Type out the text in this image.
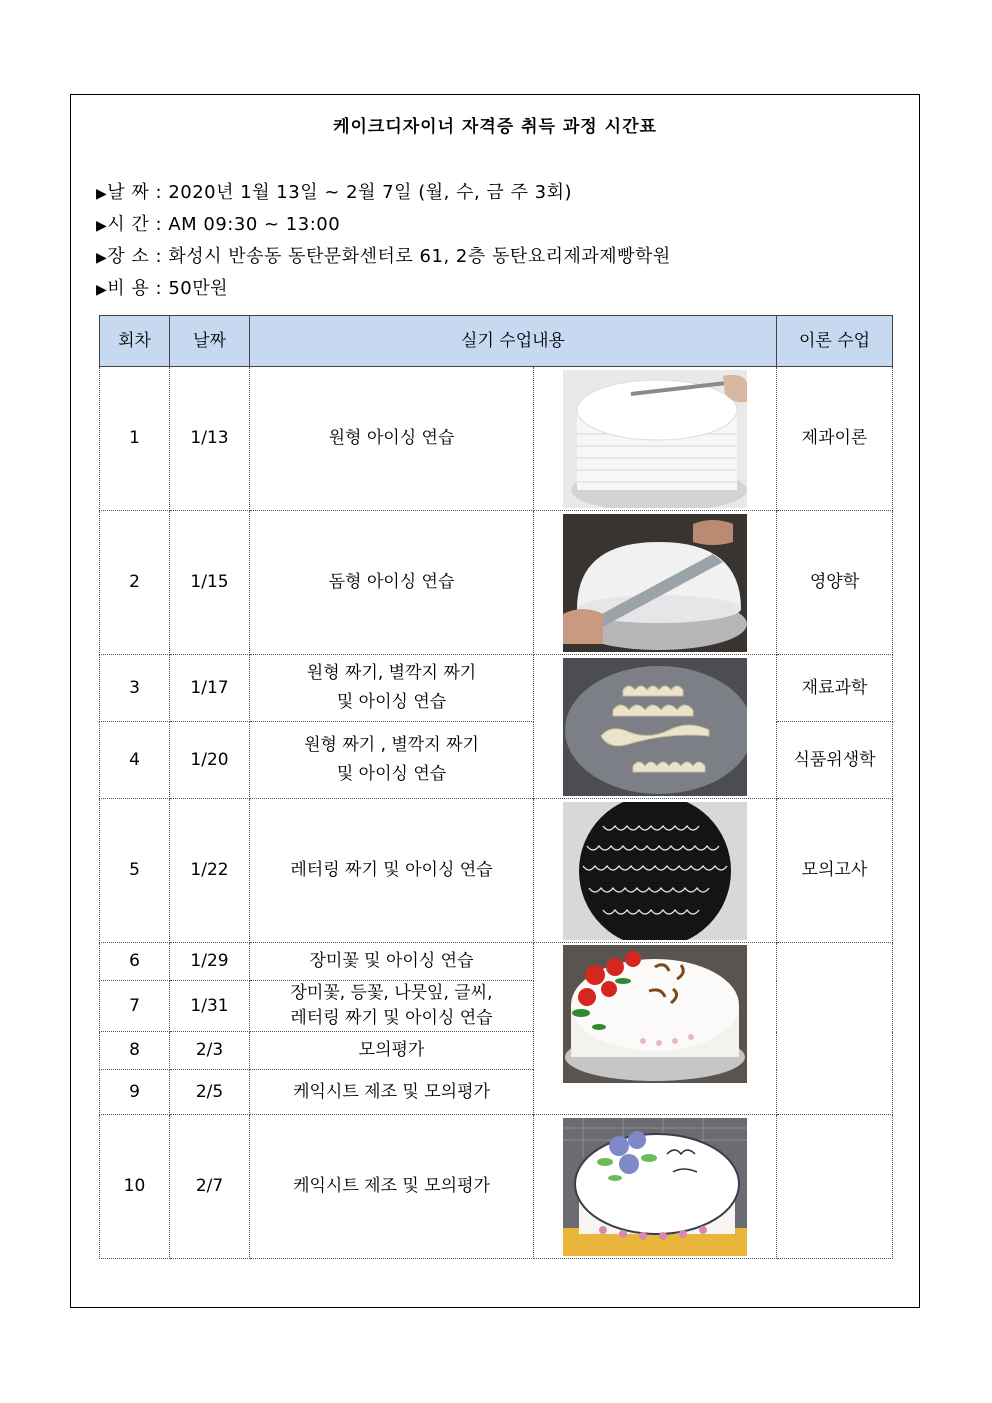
케이크디자이너 자격증 취득 과정 시간표
▶날 짜 : 2020년 1월 13일 ~ 2월 7일 (월, 수, 금 주 3회)
▶시 간 : AM 09:30 ~ 13:00
▶장 소 : 화성시 반송동 동탄문화센터로 61, 2층 동탄요리제과제빵학원
▶비 용 : 50만원
회차	날짜	실기 수업내용		이론 수업
1	1/13	원형 아이싱 연습		제과이론
2	1/15	돔형 아이싱 연습		영양학
3	1/17	원형 짜기, 별깍지 짜기
및 아이싱 연습		재료과학
4	1/20	원형 짜기 , 별깍지 짜기
및 아이싱 연습		식품위생학
5	1/22	레터링 짜기 및 아이싱 연습		모의고사
6	1/29	장미꽃 및 아이싱 연습	

7	1/31	장미꽃, 등꽃, 나뭇잎, 글씨,
레터링 짜기 및 아이싱 연습		

8	2/3	모의평가		
9	2/5	케익시트 제조 및 모의평가		
10	2/7	케익시트 제조 및 모의평가	
